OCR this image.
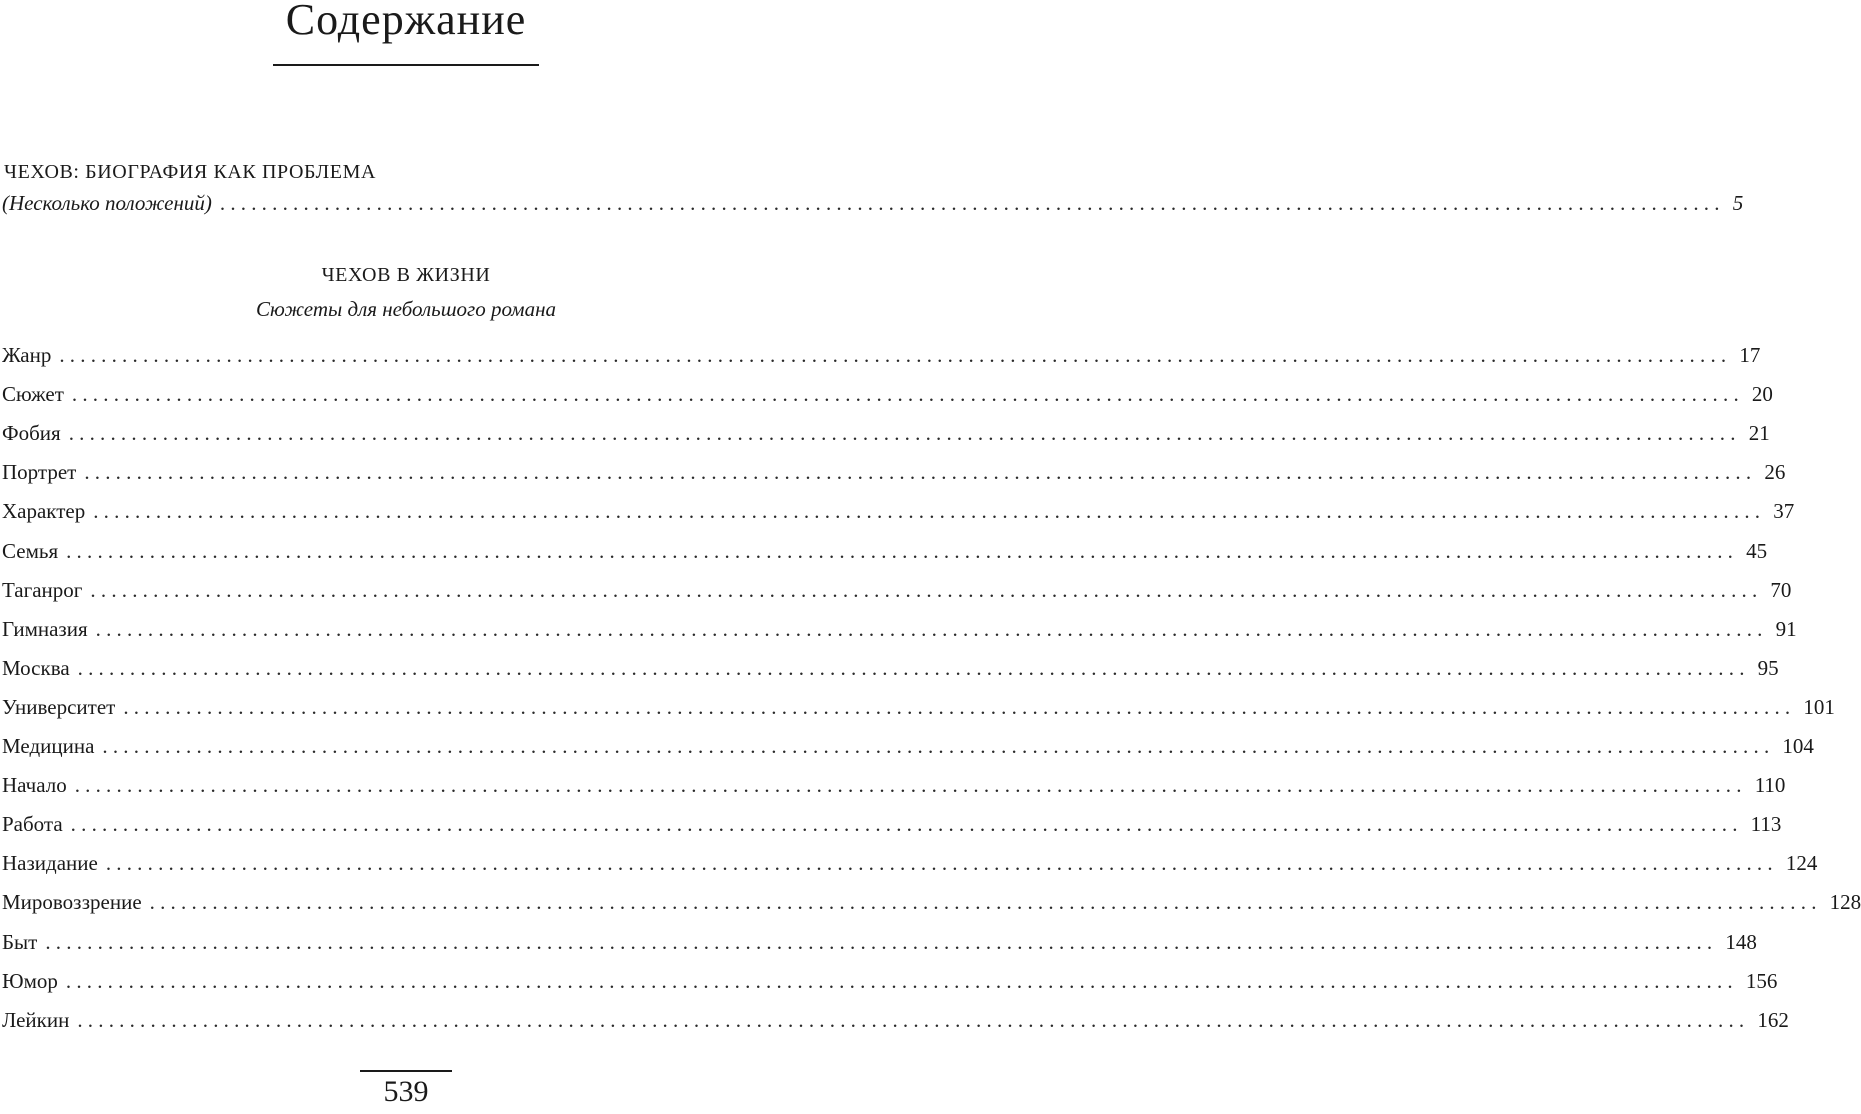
Содержание
ЧЕХОВ: БИОГРАФИЯ КАК ПРОБЛЕМА
(Несколько положений) ................................................................................................................................................ 5
ЧЕХОВ В ЖИЗНИ
Сюжеты для небольшого романа
Жанр ................................................................................................................................................................ 17
Сюжет ................................................................................................................................................................ 20
Фобия ................................................................................................................................................................ 21
Портрет ................................................................................................................................................................ 26
Характер ................................................................................................................................................................ 37
Семья ................................................................................................................................................................ 45
Таганрог ................................................................................................................................................................ 70
Гимназия ................................................................................................................................................................ 91
Москва ................................................................................................................................................................ 95
Университет ................................................................................................................................................................ 101
Медицина ................................................................................................................................................................ 104
Начало ................................................................................................................................................................ 110
Работа ................................................................................................................................................................ 113
Назидание ................................................................................................................................................................ 124
Мировоззрение ................................................................................................................................................................ 128
Быт ................................................................................................................................................................ 148
Юмор ................................................................................................................................................................ 156
Лейкин ................................................................................................................................................................ 162
539
